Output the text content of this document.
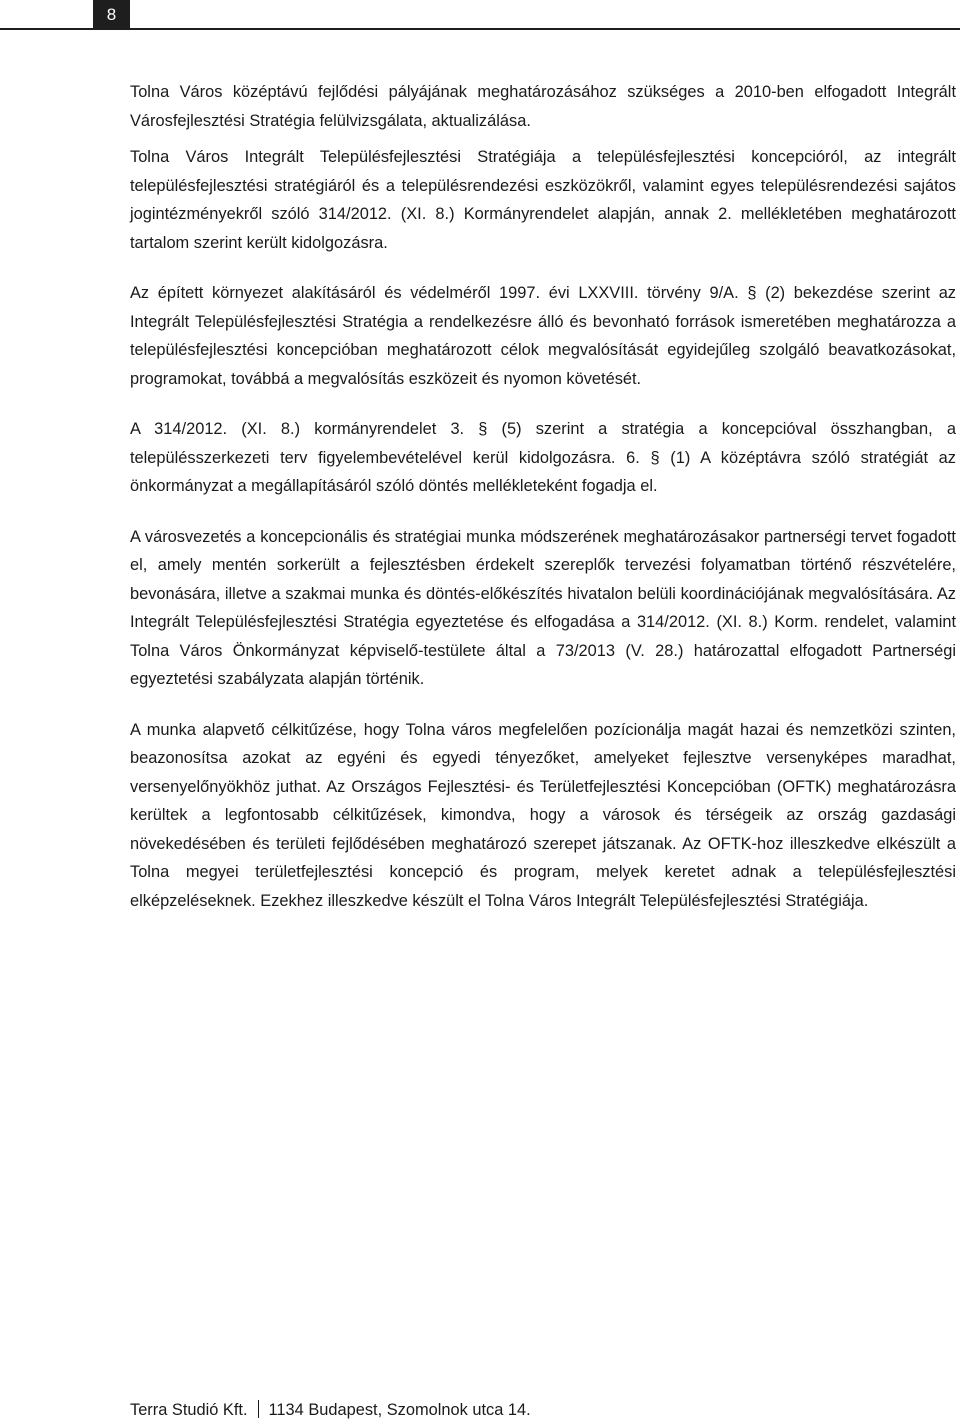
8

Tolna Város középtávú fejlődési pályájának meghatározásához szükséges a 2010-ben elfogadott Integrált Városfejlesztési Stratégia felülvizsgálata, aktualizálása.

Tolna Város Integrált Településfejlesztési Stratégiája a településfejlesztési koncepcióról, az integrált településfejlesztési stratégiáról és a településrendezési eszközökről, valamint egyes településrendezési sajátos jogintézményekről szóló 314/2012. (XI. 8.) Kormányrendelet alapján, annak 2. mellékletében meghatározott tartalom szerint került kidolgozásra.

Az épített környezet alakításáról és védelméről 1997. évi LXXVIII. törvény 9/A. § (2) bekezdése szerint az Integrált Településfejlesztési Stratégia a rendelkezésre álló és bevonható források ismeretében meghatározza a településfejlesztési koncepcióban meghatározott célok megvalósítását egyidejűleg szolgáló beavatkozásokat, programokat, továbbá a megvalósítás eszközeit és nyomon követését.

A 314/2012. (XI. 8.) kormányrendelet 3. § (5) szerint a stratégia a koncepcióval összhangban, a településszerkezeti terv figyelembevételével kerül kidolgozásra. 6. § (1) A középtávra szóló stratégiát az önkormányzat a megállapításáról szóló döntés mellékleteként fogadja el.

A városvezetés a koncepcionális és stratégiai munka módszerének meghatározásakor partnerségi tervet fogadott el, amely mentén sorkerült a fejlesztésben érdekelt szereplők tervezési folyamatban történő részvételére, bevonására, illetve a szakmai munka és döntés-előkészítés hivatalon belüli koordinációjának megvalósítására. Az Integrált Településfejlesztési Stratégia egyeztetése és elfogadása a 314/2012. (XI. 8.) Korm. rendelet, valamint Tolna Város Önkormányzat képviselő-testülete által a 73/2013 (V. 28.) határozattal elfogadott Partnerségi egyeztetési szabályzata alapján történik.

A munka alapvető célkitűzése, hogy Tolna város megfelelően pozícionálja magát hazai és nemzetközi szinten, beazonosítsa azokat az egyéni és egyedi tényezőket, amelyeket fejlesztve versenyképes maradhat, versenyelőnyökhöz juthat. Az Országos Fejlesztési- és Területfejlesztési Koncepcióban (OFTK) meghatározásra kerültek a legfontosabb célkitűzések, kimondva, hogy a városok és térségeik az ország gazdasági növekedésében és területi fejlődésében meghatározó szerepet játszanak. Az OFTK-hoz illeszkedve elkészült a Tolna megyei területfejlesztési koncepció és program, melyek keretet adnak a településfejlesztési elképzeléseknek. Ezekhez illeszkedve készült el Tolna Város Integrált Településfejlesztési Stratégiája.

Terra Studió Kft. 1134 Budapest, Szomolnok utca 14.
